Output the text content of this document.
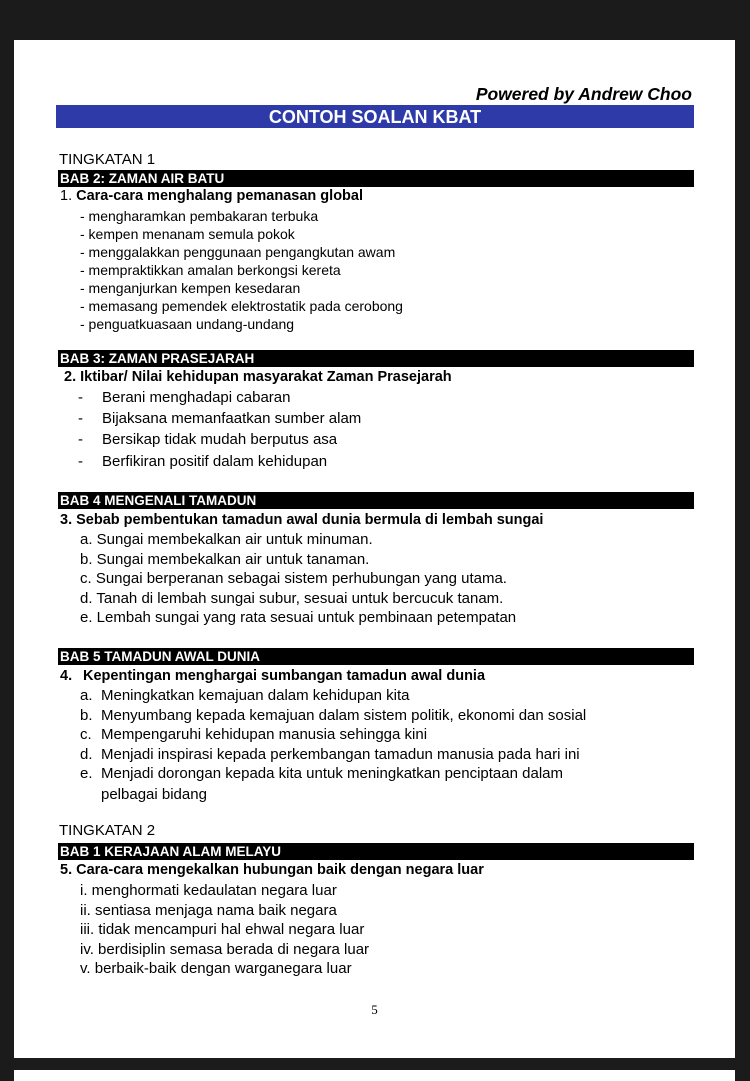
Powered by Andrew Choo
CONTOH SOALAN KBAT
TINGKATAN 1
BAB 2: ZAMAN AIR BATU
1. Cara-cara menghalang pemanasan global
- mengharamkan pembakaran terbuka
- kempen menanam semula pokok
- menggalakkan penggunaan pengangkutan awam
- mempraktikkan amalan berkongsi kereta
- menganjurkan kempen kesedaran
- memasang pemendek elektrostatik pada cerobong
- penguatkuasaan undang-undang
BAB 3: ZAMAN PRASEJARAH
2. Iktibar/ Nilai kehidupan masyarakat Zaman Prasejarah
- Berani menghadapi cabaran
- Bijaksana memanfaatkan sumber alam
- Bersikap tidak mudah berputus asa
- Berfikiran positif dalam kehidupan
BAB 4 MENGENALI TAMADUN
3. Sebab pembentukan tamadun awal dunia bermula di lembah sungai
a. Sungai membekalkan air untuk minuman.
b. Sungai membekalkan air untuk tanaman.
c. Sungai berperanan sebagai sistem perhubungan yang utama.
d. Tanah di lembah sungai subur, sesuai untuk bercucuk tanam.
e. Lembah sungai yang rata sesuai untuk pembinaan petempatan
BAB 5 TAMADUN AWAL DUNIA
4. Kepentingan menghargai sumbangan tamadun awal dunia
a. Meningkatkan kemajuan dalam kehidupan kita
b. Menyumbang kepada kemajuan dalam sistem politik, ekonomi dan sosial
c. Mempengaruhi kehidupan manusia sehingga kini
d. Menjadi inspirasi kepada perkembangan tamadun manusia pada hari ini
e. Menjadi dorongan kepada kita untuk meningkatkan penciptaan dalam
pelbagai bidang
TINGKATAN 2
BAB 1 KERAJAAN ALAM MELAYU
5. Cara-cara mengekalkan hubungan baik dengan negara luar
i. menghormati kedaulatan negara luar
ii. sentiasa menjaga nama baik negara
iii. tidak mencampuri hal ehwal negara luar
iv. berdisiplin semasa berada di negara luar
v. berbaik-baik dengan warganegara luar
5
